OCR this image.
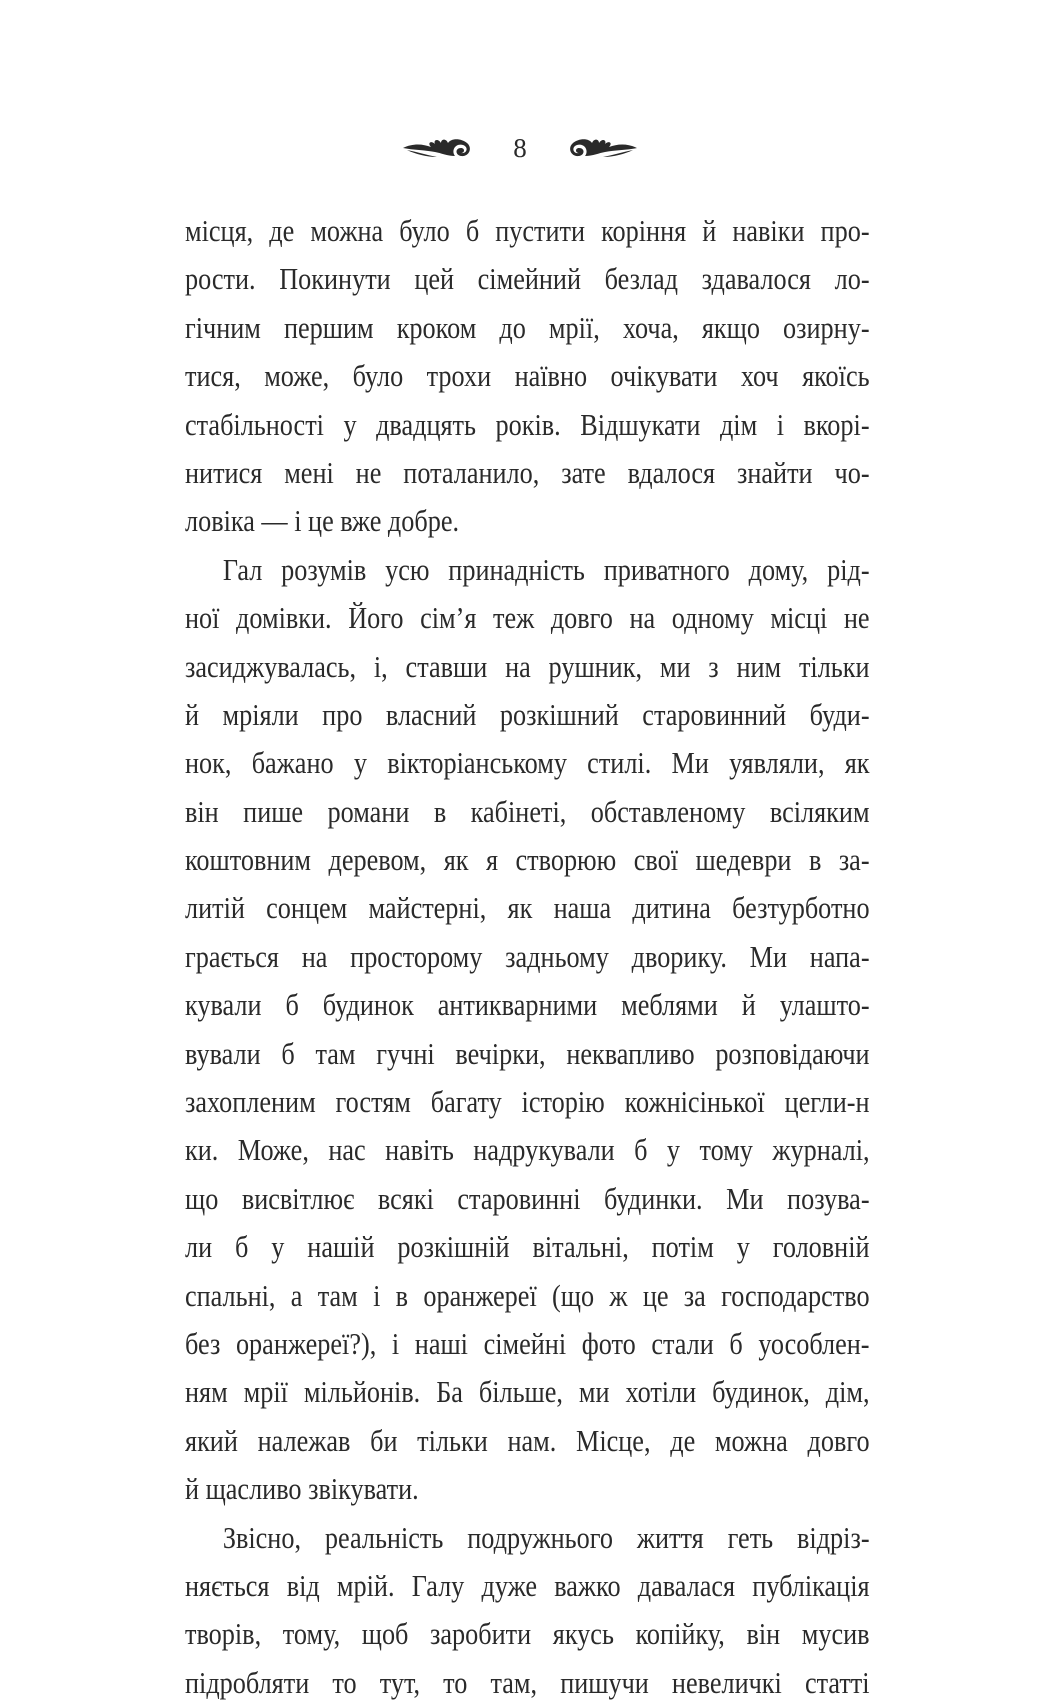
8
місця, де можна було б пустити коріння й навіки про-
рости. Покинути цей сімейний безлад здавалося ло-
гічним першим кроком до мрії, хоча, якщо озирну-
тися, може, було трохи наївно очікувати хоч якоїсь
стабільності у двадцять років. Відшукати дім і вкорі-
нитися мені не поталанило, зате вдалося знайти чо-
ловіка — і це вже добре.
Гал розумів усю принадність приватного дому, рід-
ної домівки. Його сім’я теж довго на одному місці не
засиджувалась, і, ставши на рушник, ми з ним тільки
й мріяли про власний розкішний старовинний буди-
нок, бажано у вікторіанському стилі. Ми уявляли, як
він пише романи в кабінеті, обставленому всіляким
коштовним деревом, як я створюю свої шедеври в за-
литій сонцем майстерні, як наша дитина безтурботно
грається на просторому задньому дворику. Ми напа-
кували б будинок антикварними меблями й улашто-
вували б там гучні вечірки, неквапливо розповідаючи
захопленим гостям багату історію кожнісінької цегли-н
ки. Може, нас навіть надрукували б у тому журналі,
що висвітлює всякі старовинні будинки. Ми позува-
ли б у нашій розкішній вітальні, потім у головній
спальні, а там і в оранжереї (що ж це за господарство
без оранжереї?), і наші сімейні фото стали б уособлен-
ням мрії мільйонів. Ба більше, ми хотіли будинок, дім,
який належав би тільки нам. Місце, де можна довго
й щасливо звікувати.
Звісно, реальність подружнього життя геть відріз-
няється від мрій. Галу дуже важко давалася публікація
творів, тому, щоб заробити якусь копійку, він мусив
підробляти то тут, то там, пишучи невеличкі статті
